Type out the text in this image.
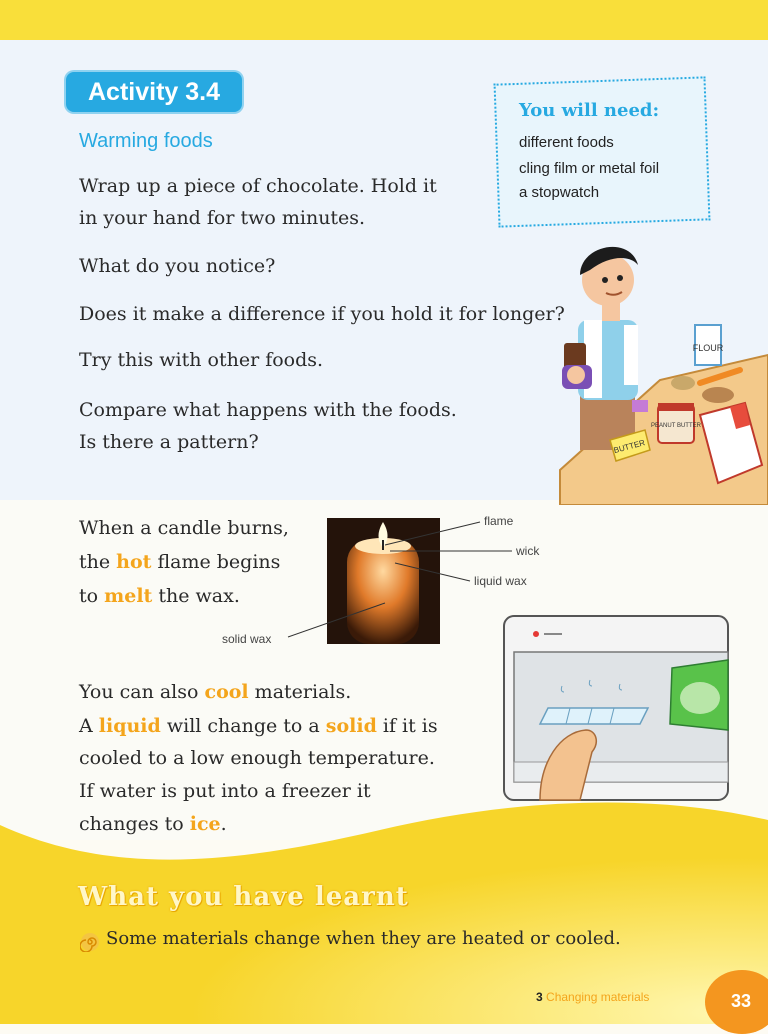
Activity 3.4
Warming foods

Wrap up a piece of chocolate. Hold it in your hand for two minutes.

What do you notice?

Does it make a difference if you hold it for longer?

Try this with other foods.

Compare what happens with the foods. Is there a pattern?

You will need:
different foods
cling film or metal foil
a stopwatch
FLOUR
PEANUT BUTTER
BUTTER

When a candle burns,

the hot flame begins

to melt the wax.

flame
wick
liquid wax
solid wax

You can also cool materials.

A liquid will change to a solid if it is

cooled to a low enough temperature.

If water is put into a freezer it

changes to ice.

What you have learnt
Some materials change when they are heated or cooled.
3 Changing materials	33
